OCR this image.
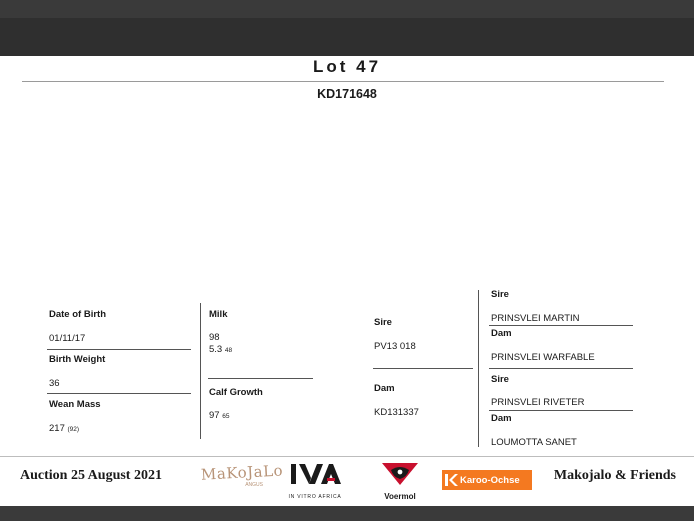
Lot 47
KD171648
Date of Birth
01/11/17
Birth Weight
36
Wean Mass
217 (92)
Milk
98
5.3 48
Calf Growth
97 65
Sire
PV13 018
Dam
KD131337
Sire
PRINSVLEI MARTIN
Dam
PRINSVLEI WARFABLE
Sire
PRINSVLEI RIVETER
Dam
LOUMOTTA SANET
Auction 25 August 2021	Makojalo & Friends
MaKoJaLo
ANGUS
IN VITRO AFRICA	Voermol
Karoo-Ochse
